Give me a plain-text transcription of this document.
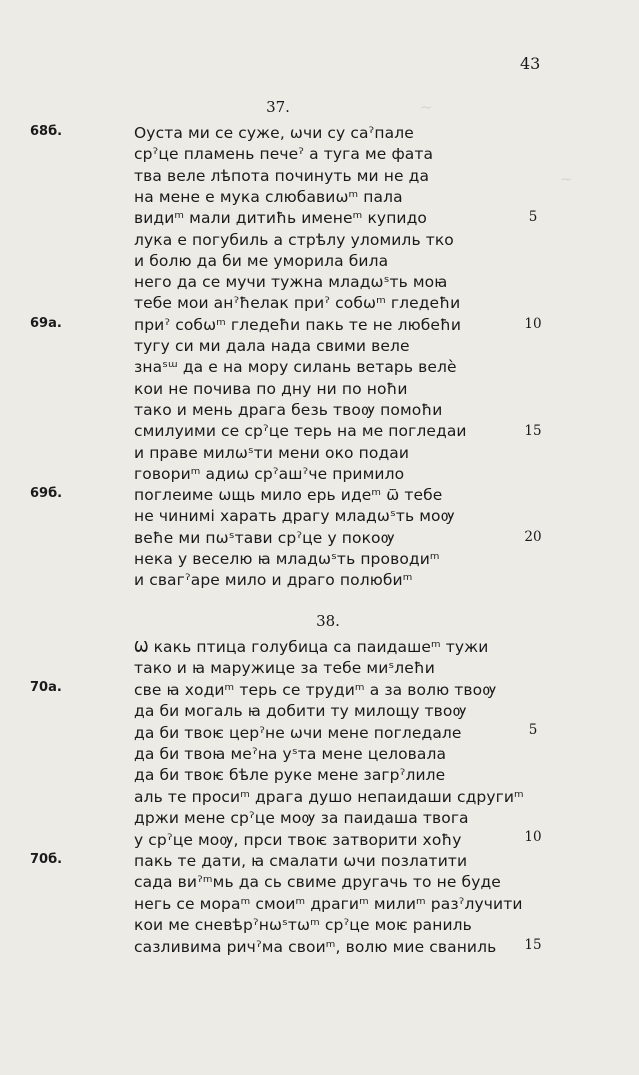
~
~
43
37.
Оуста ми се суже, ѡчи су саˀпале
срˀце пламень печеˀ а туга ме фата
тва веле лѣпота починуть ми не да
на мене е мука слюбавиѡᵐ пала
видиᵐ мали дитиħь именеᵐ купидо
лука е погубиль а стрѣлу уломиль тко
и болю да би ме уморила била
него да се мучи тужна младѡˢть моꙗ
тебе мои анˀħелак приˀ собѡᵐ гледеħи
приˀ собѡᵐ гледеħи пакь те не любеħи
тугу си ми дала нада свими веле
знаˢᵚ да е на мору силань ветарь велѐ
кои не почива по дну ни по ноħи
тако и мень драга безь твоѹ помоħи
смилуими се срˀце терь на ме погледаи
и праве милѡˢти мени око подаи
говориᵐ адиѡ срˀашˀче примило
поглеиме ѡщь мило ерь идеᵐ ѿ тебе
не чинимі харать драгу младѡˢть моѹ
веħе ми пѡˢтави срˀце у покоѹ
нека у веселю ꙗ младѡˢть проводиᵐ
и свагˀаре мило и драго полюбиᵐ
68б.
69а.
69б.
5
10
15
20
38.
Ѡ какь птица голубица са паидашеᵐ тужи
тако и ꙗ маружице за тебе миˢлеħи
све ꙗ ходиᵐ терь се трудиᵐ а за волю твоѹ
да би могаль ꙗ добити ту милощу твоѹ
да би твоѥ церˀне ѡчи мене погледале
да би твоꙗ меˀна уˢта мене целовала
да би твоѥ бѣле руке мене загрˀлиле
аль те просиᵐ драга душо непаидаши сдругиᵐ
држи мене срˀце моѹ за паидаша твога
у срˀце моѹ, прси твоѥ затворити хоħу
пакь те дати, ꙗ смалати ѡчи позлатити
сада виˀᵐмь да сь свиме другачь то не буде
негь се мораᵐ смоиᵐ драгиᵐ милиᵐ разˀлучити
кои ме сневѣрˀнѡˢтѡᵐ срˀце моѥ раниль
сазливима ричˀма своиᵐ, волю мие сваниль
70а.
70б.
5
10
15
